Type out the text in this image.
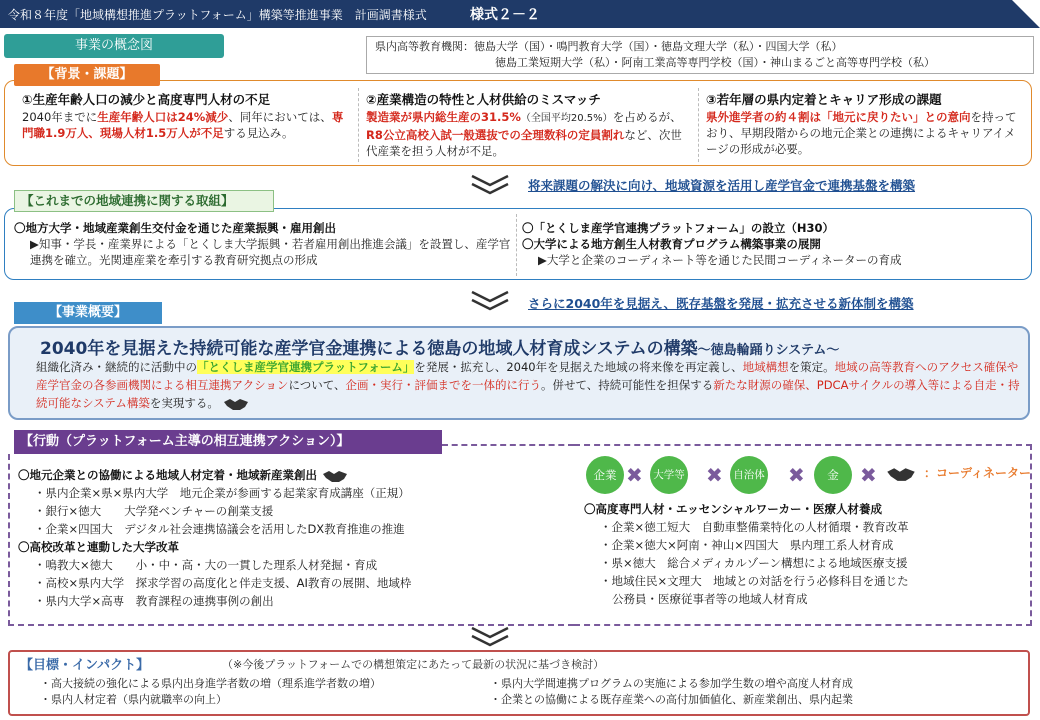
令和８年度「地域構想推進プラットフォーム」構築等推進事業　計画調書様式	様式２－２
事業の概念図	県内高等教育機関：徳島大学（国）・鳴門教育大学（国）・徳島文理大学（私）・四国大学（私）
徳島工業短期大学（私）・阿南工業高等専門学校（国）・神山まるごと高等専門学校（私）
【背景・課題】
①生産年齢人口の減少と高度専門人材の不足
2040年までに生産年齢人口は24%減少、同年においては、専門職1.9万人、現場人材1.5万人が不足する見込み。
②産業構造の特性と人材供給のミスマッチ
製造業が県内総生産の31.5%（全国平均20.5%）を占めるが、R8公立高校入試一般選抜での全理数科の定員割れなど、次世代産業を担う人材が不足。
③若年層の県内定着とキャリア形成の課題
県外進学者の約４割は「地元に戻りたい」との意向を持っており、早期段階からの地元企業との連携によるキャリアイメージの形成が必要。
将来課題の解決に向け、地域資源を活用し産学官金で連携基盤を構築
【これまでの地域連携に関する取組】
〇地方大学・地域産業創生交付金を通じた産業振興・雇用創出
▶知事・学長・産業界による「とくしま大学振興・若者雇用創出推進会議」を設置し、産学官連携を確立。光関連産業を牽引する教育研究拠点の形成
〇「とくしま産学官連携プラットフォーム」の設立（H30）
〇大学による地方創生人材教育プログラム構築事業の展開
▶大学と企業のコーディネート等を通じた民間コーディネーターの育成
さらに2040年を見据え、既存基盤を発展・拡充させる新体制を構築
【事業概要】
2040年を見据えた持続可能な産学官金連携による徳島の地域人材育成システムの構築～徳島輪踊りシステム～
組織化済み・継続的に活動中の「とくしま産学官連携プラットフォーム」を発展・拡充し、2040年を見据えた地域の将来像を再定義し、地域構想を策定。地域の高等教育へのアクセス確保や産学官金の各参画機関による相互連携アクションについて、企画・実行・評価までを一体的に行う。併せて、持続可能性を担保する新たな財源の確保、PDCAサイクルの導入等による自走・持続可能なシステム構築を実現する。
【行動（プラットフォーム主導の相互連携アクション）】
〇地元企業との協働による地域人材定着・地域新産業創出
・県内企業×県×県内大学　地元企業が参画する起業家育成講座（正規）
・銀行×徳大　　大学発ベンチャーの創業支援
・企業×四国大　デジタル社会連携協議会を活用したDX教育推進の推進
〇高校改革と連動した大学改革
・鳴教大×徳大　　小・中・高・大の一貫した理系人材発掘・育成
・高校×県内大学　探求学習の高度化と伴走支援、AI教育の展開、地域枠
・県内大学×高専　教育課程の連携事例の創出
企業 ✖ 大学等 ✖ 自治体 ✖	金	✖	：コーディネーター
〇高度専門人材・エッセンシャルワーカー・医療人材養成
・企業×徳工短大　自動車整備業特化の人材循環・教育改革
・企業×徳大×阿南・神山×四国大　県内理工系人材育成
・県×徳大　総合メディカルゾーン構想による地域医療支援
・地域住民×文理大　地域との対話を行う必修科目を通じた
公務員・医療従事者等の地域人材育成
【目標・インパクト】	（※今後プラットフォームでの構想策定にあたって最新の状況に基づき検討）
・高大接続の強化による県内出身進学者数の増（理系進学者数の増）
・県内人材定着（県内就職率の向上）
・県内大学間連携プログラムの実施による参加学生数の増や高度人材育成
・企業との協働による既存産業への高付加価値化、新産業創出、県内起業
